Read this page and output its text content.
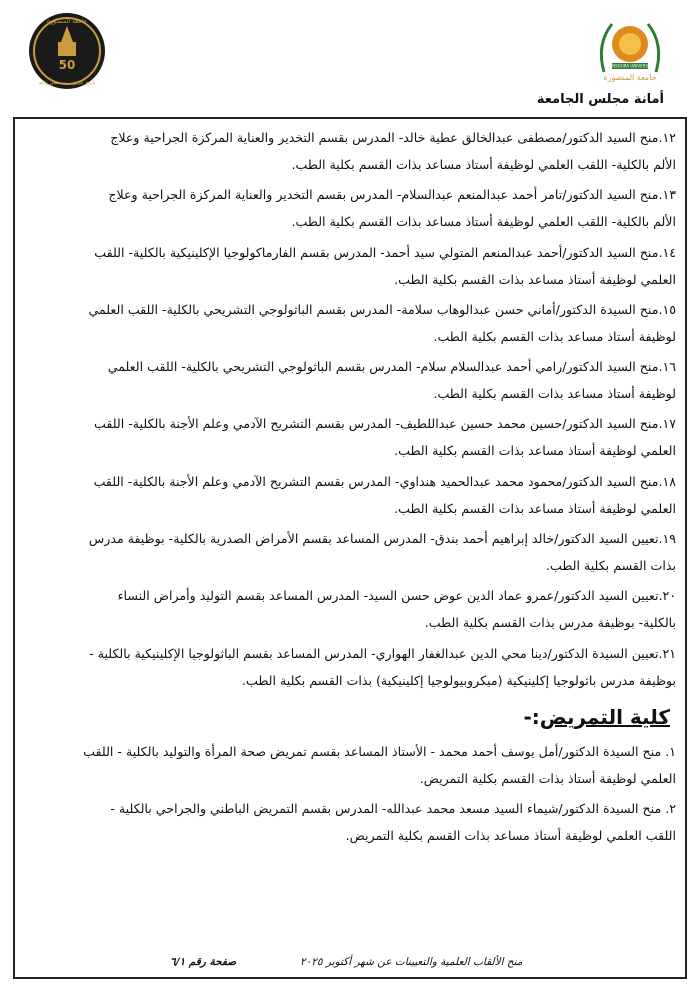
50
جامعة المنصورة
تاريخ عريق .. مستقبل واعد
MANSOURA UNIVERSITY
جامعة المنصورة
أمانة مجلس الجامعة
١٢.منح السيد الدكتور/مصطفى عبدالخالق عطية خالد- المدرس بقسم التخدير والعناية المركزة الجراحية وعلاج
الألم بالكلية- اللقب العلمي لوظيفة أستاذ مساعد بذات القسم بكلية الطب.
١٣.منح السيد الدكتور/تامر أحمد عبدالمنعم عبدالسلام- المدرس بقسم التخدير والعناية المركزة الجراحية وعلاج
الألم بالكلية- اللقب العلمي لوظيفة أستاذ مساعد بذات القسم بكلية الطب.
١٤.منح السيد الدكتور/أحمد عبدالمنعم المتولي سيد أحمد- المدرس بقسم الفارماكولوجيا الإكلينيكية بالكلية- اللقب
العلمي لوظيفة أستاذ مساعد بذات القسم بكلية الطب.
١٥.منح السيدة الدكتور/أماني حسن عبدالوهاب سلامة- المدرس بقسم الباثولوجي التشريحي بالكلية- اللقب العلمي
لوظيفة أستاذ مساعد بذات القسم بكلية الطب.
١٦.منح السيد الدكتور/رامي أحمد عبدالسلام سلام- المدرس بقسم الباثولوجي التشريحي بالكلية- اللقب العلمي
لوظيفة أستاذ مساعد بذات القسم بكلية الطب.
١٧.منح السيد الدكتور/حسين محمد حسين عبداللطيف- المدرس بقسم التشريح الآدمي وعلم الأجنة بالكلية- اللقب
العلمي لوظيفة أستاذ مساعد بذات القسم بكلية الطب.
١٨.منح السيد الدكتور/محمود محمد عبدالحميد هنداوي- المدرس بقسم التشريح الآدمي وعلم الأجنة بالكلية- اللقب
العلمي لوظيفة أستاذ مساعد بذات القسم بكلية الطب.
١٩.تعيين السيد الدكتور/خالد إبراهيم أحمد بندق- المدرس المساعد بقسم الأمراض الصدرية بالكلية- بوظيفة مدرس
بذات القسم بكلية الطب.
٢٠.تعيين السيد الدكتور/عمرو عماد الدين عوض حسن السيد- المدرس المساعد بقسم التوليد وأمراض النساء
بالكلية- بوظيفة مدرس بذات القسم بكلية الطب.
٢١.تعيين السيدة الدكتور/دينا محي الدين عبدالغفار الهواري- المدرس المساعد بقسم الباثولوجيا الإكلينيكية بالكلية -
بوظيفة مدرس باثولوجيا إكلينيكية (ميكروبيولوجيا إكلينيكية) بذات القسم بكلية الطب.
كلية التمريض:-
١. منح السيدة الدكتور/أمل يوسف أحمد محمد - الأستاذ المساعد بقسم تمريض صحة المرأة والتوليد بالكلية - اللقب
العلمي لوظيفة أستاذ بذات القسم بكلية التمريض.
٢. منح السيدة الدكتور/شيماء السيد مسعد محمد عبدالله- المدرس بقسم التمريض الباطني والجراحي بالكلية -
اللقب العلمي لوظيفة أستاذ مساعد بذات القسم بكلية التمريض.
منح الألقاب العلمية والتعيينات عن شهر أكتوبر ٢٠٢٥
صفحة رقم ٦/١
